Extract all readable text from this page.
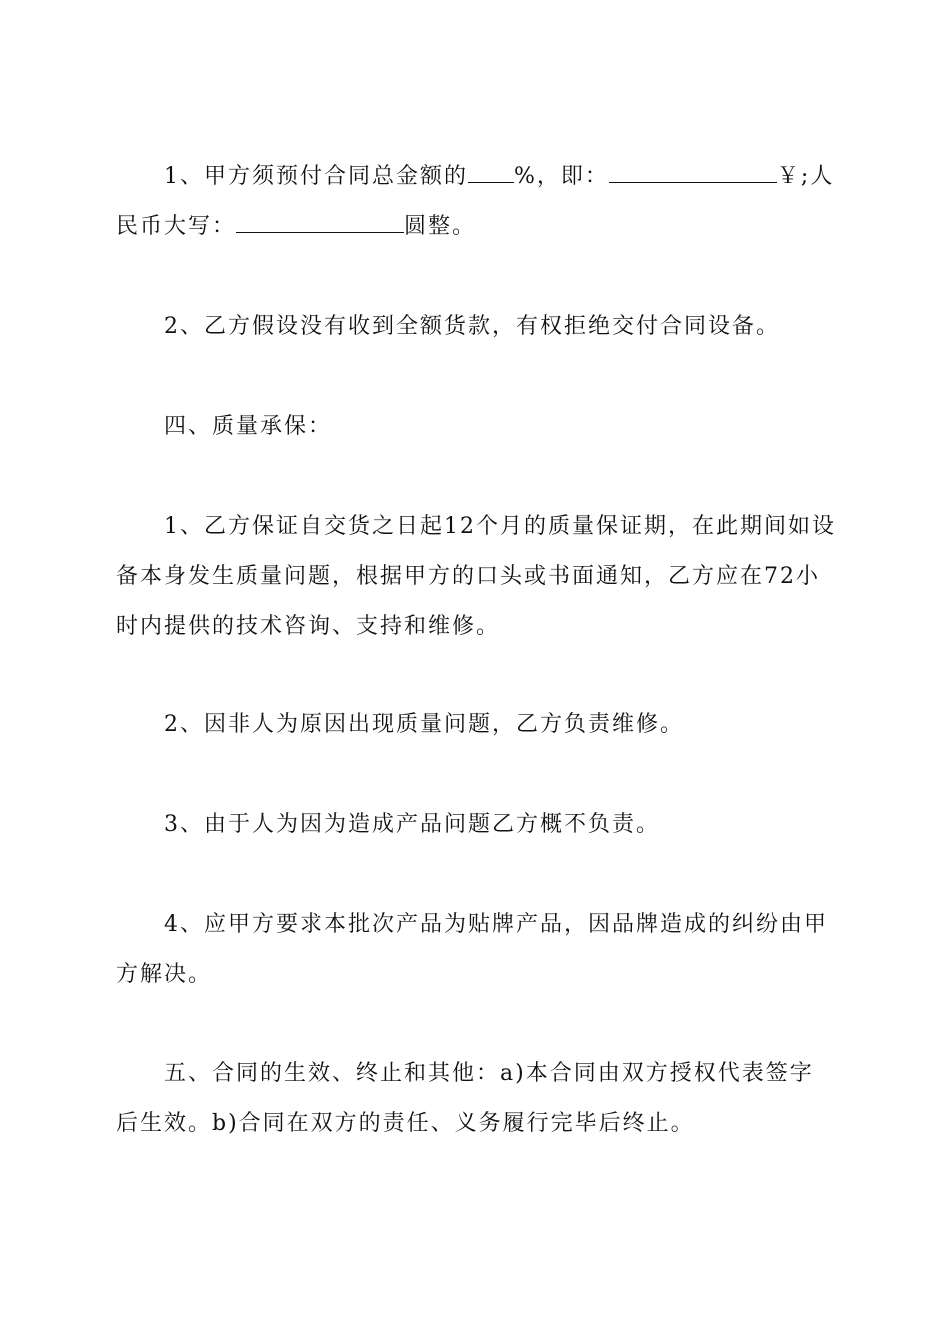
1、甲方须预付合同总金额的 %，即：	￥;人民币大写：	圆整。

2、乙方假设没有收到全额货款，有权拒绝交付合同设备。

四、质量承保：

1、乙方保证自交货之日起12个月的质量保证期，在此期间如设备本身发生质量问题，根据甲方的口头或书面通知，乙方应在72小时内提供的技术咨询、支持和维修。

2、因非人为原因出现质量问题，乙方负责维修。

3、由于人为因为造成产品问题乙方概不负责。

4、应甲方要求本批次产品为贴牌产品，因品牌造成的纠纷由甲方解决。

五、合同的生效、终止和其他：a)本合同由双方授权代表签字后生效。b)合同在双方的责任、义务履行完毕后终止。
